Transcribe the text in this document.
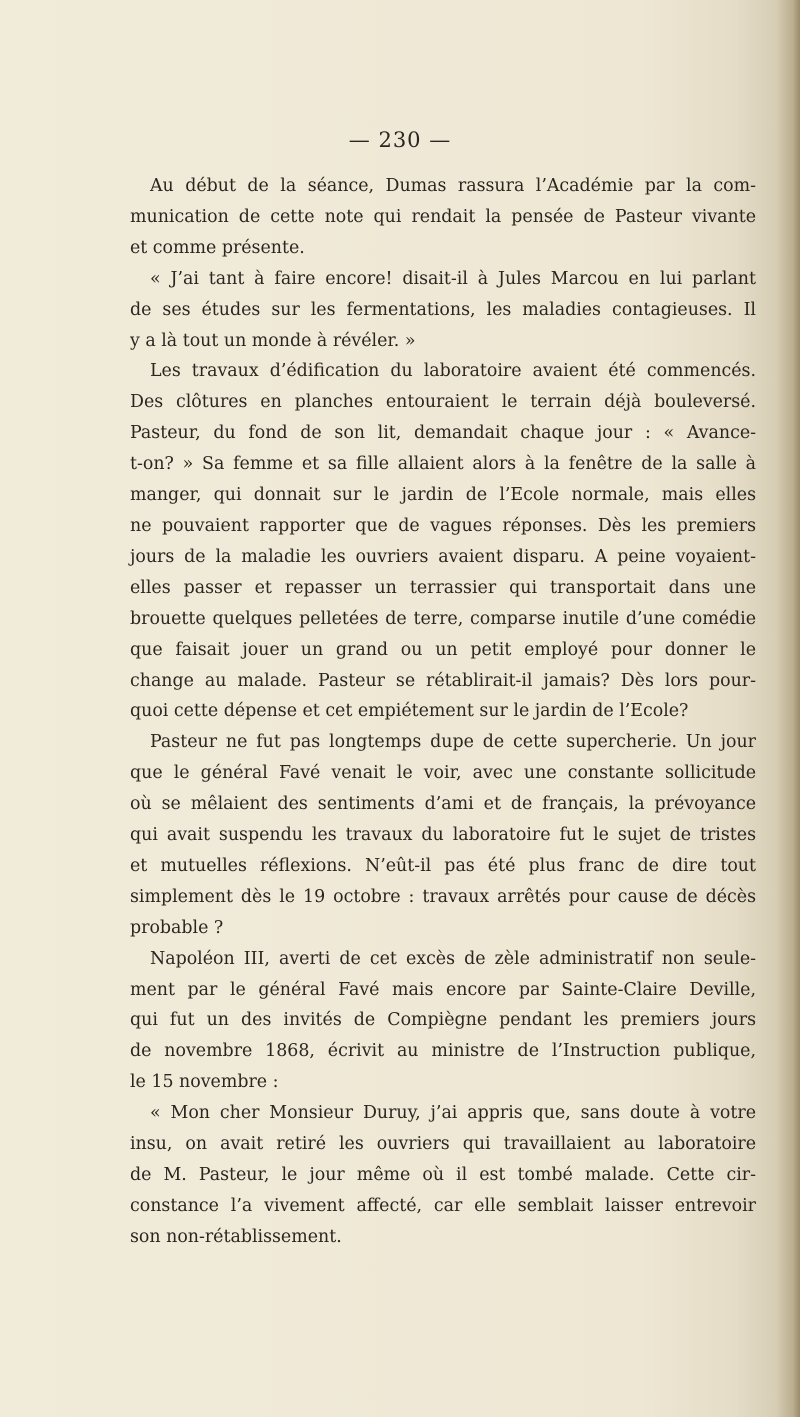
— 230 —
Au début de la séance, Dumas rassura l’Académie par la com-
munication de cette note qui rendait la pensée de Pasteur vivante
et comme présente.
« J’ai tant à faire encore! disait-il à Jules Marcou en lui parlant
de ses études sur les fermentations, les maladies contagieuses. Il
y a là tout un monde à révéler. »
Les travaux d’édification du laboratoire avaient été commencés.
Des clôtures en planches entouraient le terrain déjà bouleversé.
Pasteur, du fond de son lit, demandait chaque jour : « Avance-
t-on? » Sa femme et sa fille allaient alors à la fenêtre de la salle à
manger, qui donnait sur le jardin de l’Ecole normale, mais elles
ne pouvaient rapporter que de vagues réponses. Dès les premiers
jours de la maladie les ouvriers avaient disparu. A peine voyaient-
elles passer et repasser un terrassier qui transportait dans une
brouette quelques pelletées de terre, comparse inutile d’une comédie
que faisait jouer un grand ou un petit employé pour donner le
change au malade. Pasteur se rétablirait-il jamais? Dès lors pour-
quoi cette dépense et cet empiétement sur le jardin de l’Ecole?
Pasteur ne fut pas longtemps dupe de cette supercherie. Un jour
que le général Favé venait le voir, avec une constante sollicitude
où se mêlaient des sentiments d’ami et de français, la prévoyance
qui avait suspendu les travaux du laboratoire fut le sujet de tristes
et mutuelles réflexions. N’eût-il pas été plus franc de dire tout
simplement dès le 19 octobre : travaux arrêtés pour cause de décès
probable ?
Napoléon III, averti de cet excès de zèle administratif non seule-
ment par le général Favé mais encore par Sainte-Claire Deville,
qui fut un des invités de Compiègne pendant les premiers jours
de novembre 1868, écrivit au ministre de l’Instruction publique,
le 15 novembre :
« Mon cher Monsieur Duruy, j’ai appris que, sans doute à votre
insu, on avait retiré les ouvriers qui travaillaient au laboratoire
de M. Pasteur, le jour même où il est tombé malade. Cette cir-
constance l’a vivement affecté, car elle semblait laisser entrevoir
son non-rétablissement.
